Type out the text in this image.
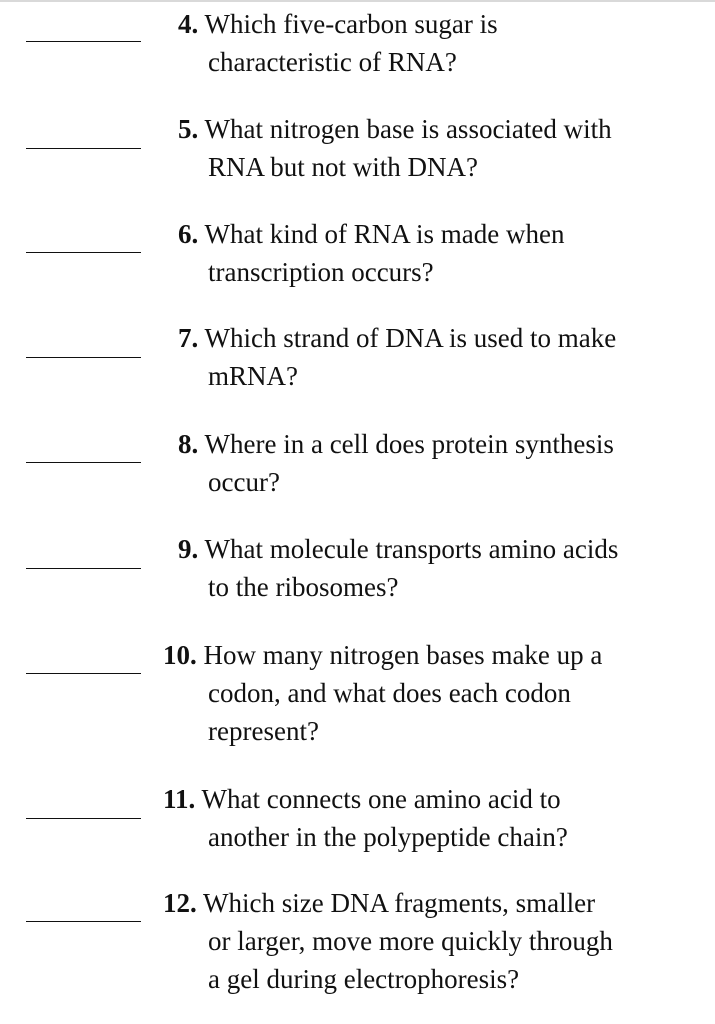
4. Which five-carbon sugar is
characteristic of RNA?
5. What nitrogen base is associated with
RNA but not with DNA?
6. What kind of RNA is made when
transcription occurs?
7. Which strand of DNA is used to make
mRNA?
8. Where in a cell does protein synthesis
occur?
9. What molecule transports amino acids
to the ribosomes?
10. How many nitrogen bases make up a
codon, and what does each codon
represent?
11. What connects one amino acid to
another in the polypeptide chain?
12. Which size DNA fragments, smaller
or larger, move more quickly through
a gel during electrophoresis?
